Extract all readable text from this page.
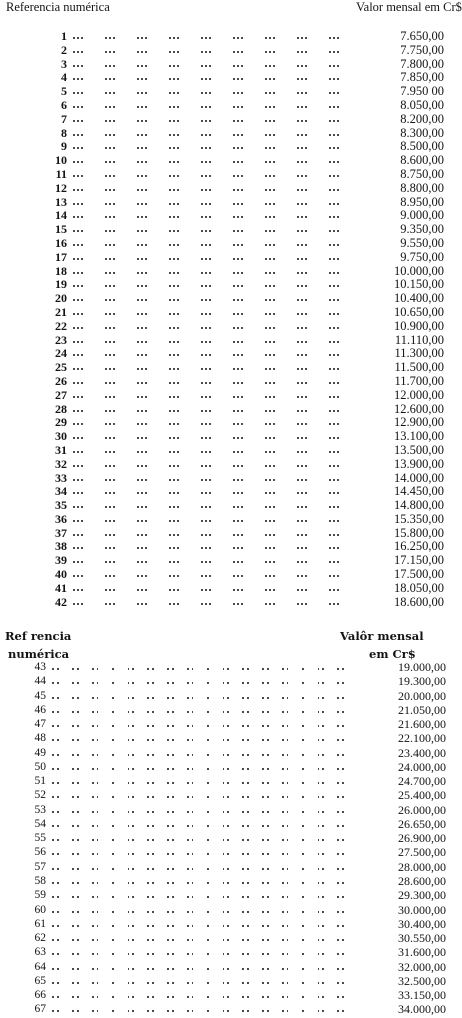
Referencia numérica	Valor mensal em Cr$
1	7.650,00
2	7.750,00
3	7.800,00
4	7.850,00
5	7.950 00
6	8.050,00
7	8.200,00
8	8.300,00
9	8.500,00
10	8.600,00
11	8.750,00
12	8.800,00
13	8.950,00
14	9.000,00
15	9.350,00
16	9.550,00
17	9.750,00
18	10.000,00
19	10.150,00
20	10.400,00
21	10.650,00
22	10.900,00
23	11.110,00
24	11.300,00
25	11.500,00
26	11.700,00
27	12.000,00
28	12.600,00
29	12.900,00
30	13.100,00
31	13.500,00
32	13.900,00
33	14.000,00
34	14.450,00
35	14.800,00
36	15.350,00
37	15.800,00
38	16.250,00
39	17.150,00
40	17.500,00
41	18.050,00
42	18.600,00
Ref rencia
numérica
Valôr mensal
em Cr$
43	19.000,00
44	19.300,00
45	20.000,00
46	21.050,00
47	21.600,00
48	22.100,00
49	23.400,00
50	24.000,00
51	24.700,00
52	25.400,00
53	26.000,00
54	26.650,00
55	26.900,00
56	27.500,00
57	28.000,00
58	28.600,00
59	29.300,00
60	30.000,00
61	30.400,00
62	30.550,00
63	31.600,00
64	32.000,00
65	32.500,00
66	33.150,00
67	34.000,00
